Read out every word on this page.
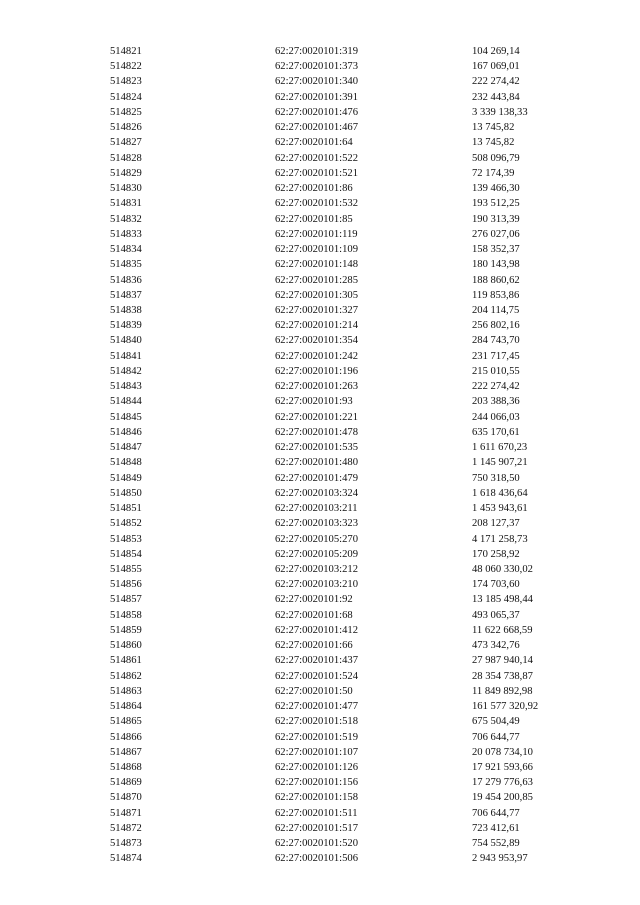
514821	62:27:0020101:319	104 269,14
514822	62:27:0020101:373	167 069,01
514823	62:27:0020101:340	222 274,42
514824	62:27:0020101:391	232 443,84
514825	62:27:0020101:476	3 339 138,33
514826	62:27:0020101:467	13 745,82
514827	62:27:0020101:64	13 745,82
514828	62:27:0020101:522	508 096,79
514829	62:27:0020101:521	72 174,39
514830	62:27:0020101:86	139 466,30
514831	62:27:0020101:532	193 512,25
514832	62:27:0020101:85	190 313,39
514833	62:27:0020101:119	276 027,06
514834	62:27:0020101:109	158 352,37
514835	62:27:0020101:148	180 143,98
514836	62:27:0020101:285	188 860,62
514837	62:27:0020101:305	119 853,86
514838	62:27:0020101:327	204 114,75
514839	62:27:0020101:214	256 802,16
514840	62:27:0020101:354	284 743,70
514841	62:27:0020101:242	231 717,45
514842	62:27:0020101:196	215 010,55
514843	62:27:0020101:263	222 274,42
514844	62:27:0020101:93	203 388,36
514845	62:27:0020101:221	244 066,03
514846	62:27:0020101:478	635 170,61
514847	62:27:0020101:535	1 611 670,23
514848	62:27:0020101:480	1 145 907,21
514849	62:27:0020101:479	750 318,50
514850	62:27:0020103:324	1 618 436,64
514851	62:27:0020103:211	1 453 943,61
514852	62:27:0020103:323	208 127,37
514853	62:27:0020105:270	4 171 258,73
514854	62:27:0020105:209	170 258,92
514855	62:27:0020103:212	48 060 330,02
514856	62:27:0020103:210	174 703,60
514857	62:27:0020101:92	13 185 498,44
514858	62:27:0020101:68	493 065,37
514859	62:27:0020101:412	11 622 668,59
514860	62:27:0020101:66	473 342,76
514861	62:27:0020101:437	27 987 940,14
514862	62:27:0020101:524	28 354 738,87
514863	62:27:0020101:50	11 849 892,98
514864	62:27:0020101:477	161 577 320,92
514865	62:27:0020101:518	675 504,49
514866	62:27:0020101:519	706 644,77
514867	62:27:0020101:107	20 078 734,10
514868	62:27:0020101:126	17 921 593,66
514869	62:27:0020101:156	17 279 776,63
514870	62:27:0020101:158	19 454 200,85
514871	62:27:0020101:511	706 644,77
514872	62:27:0020101:517	723 412,61
514873	62:27:0020101:520	754 552,89
514874	62:27:0020101:506	2 943 953,97
